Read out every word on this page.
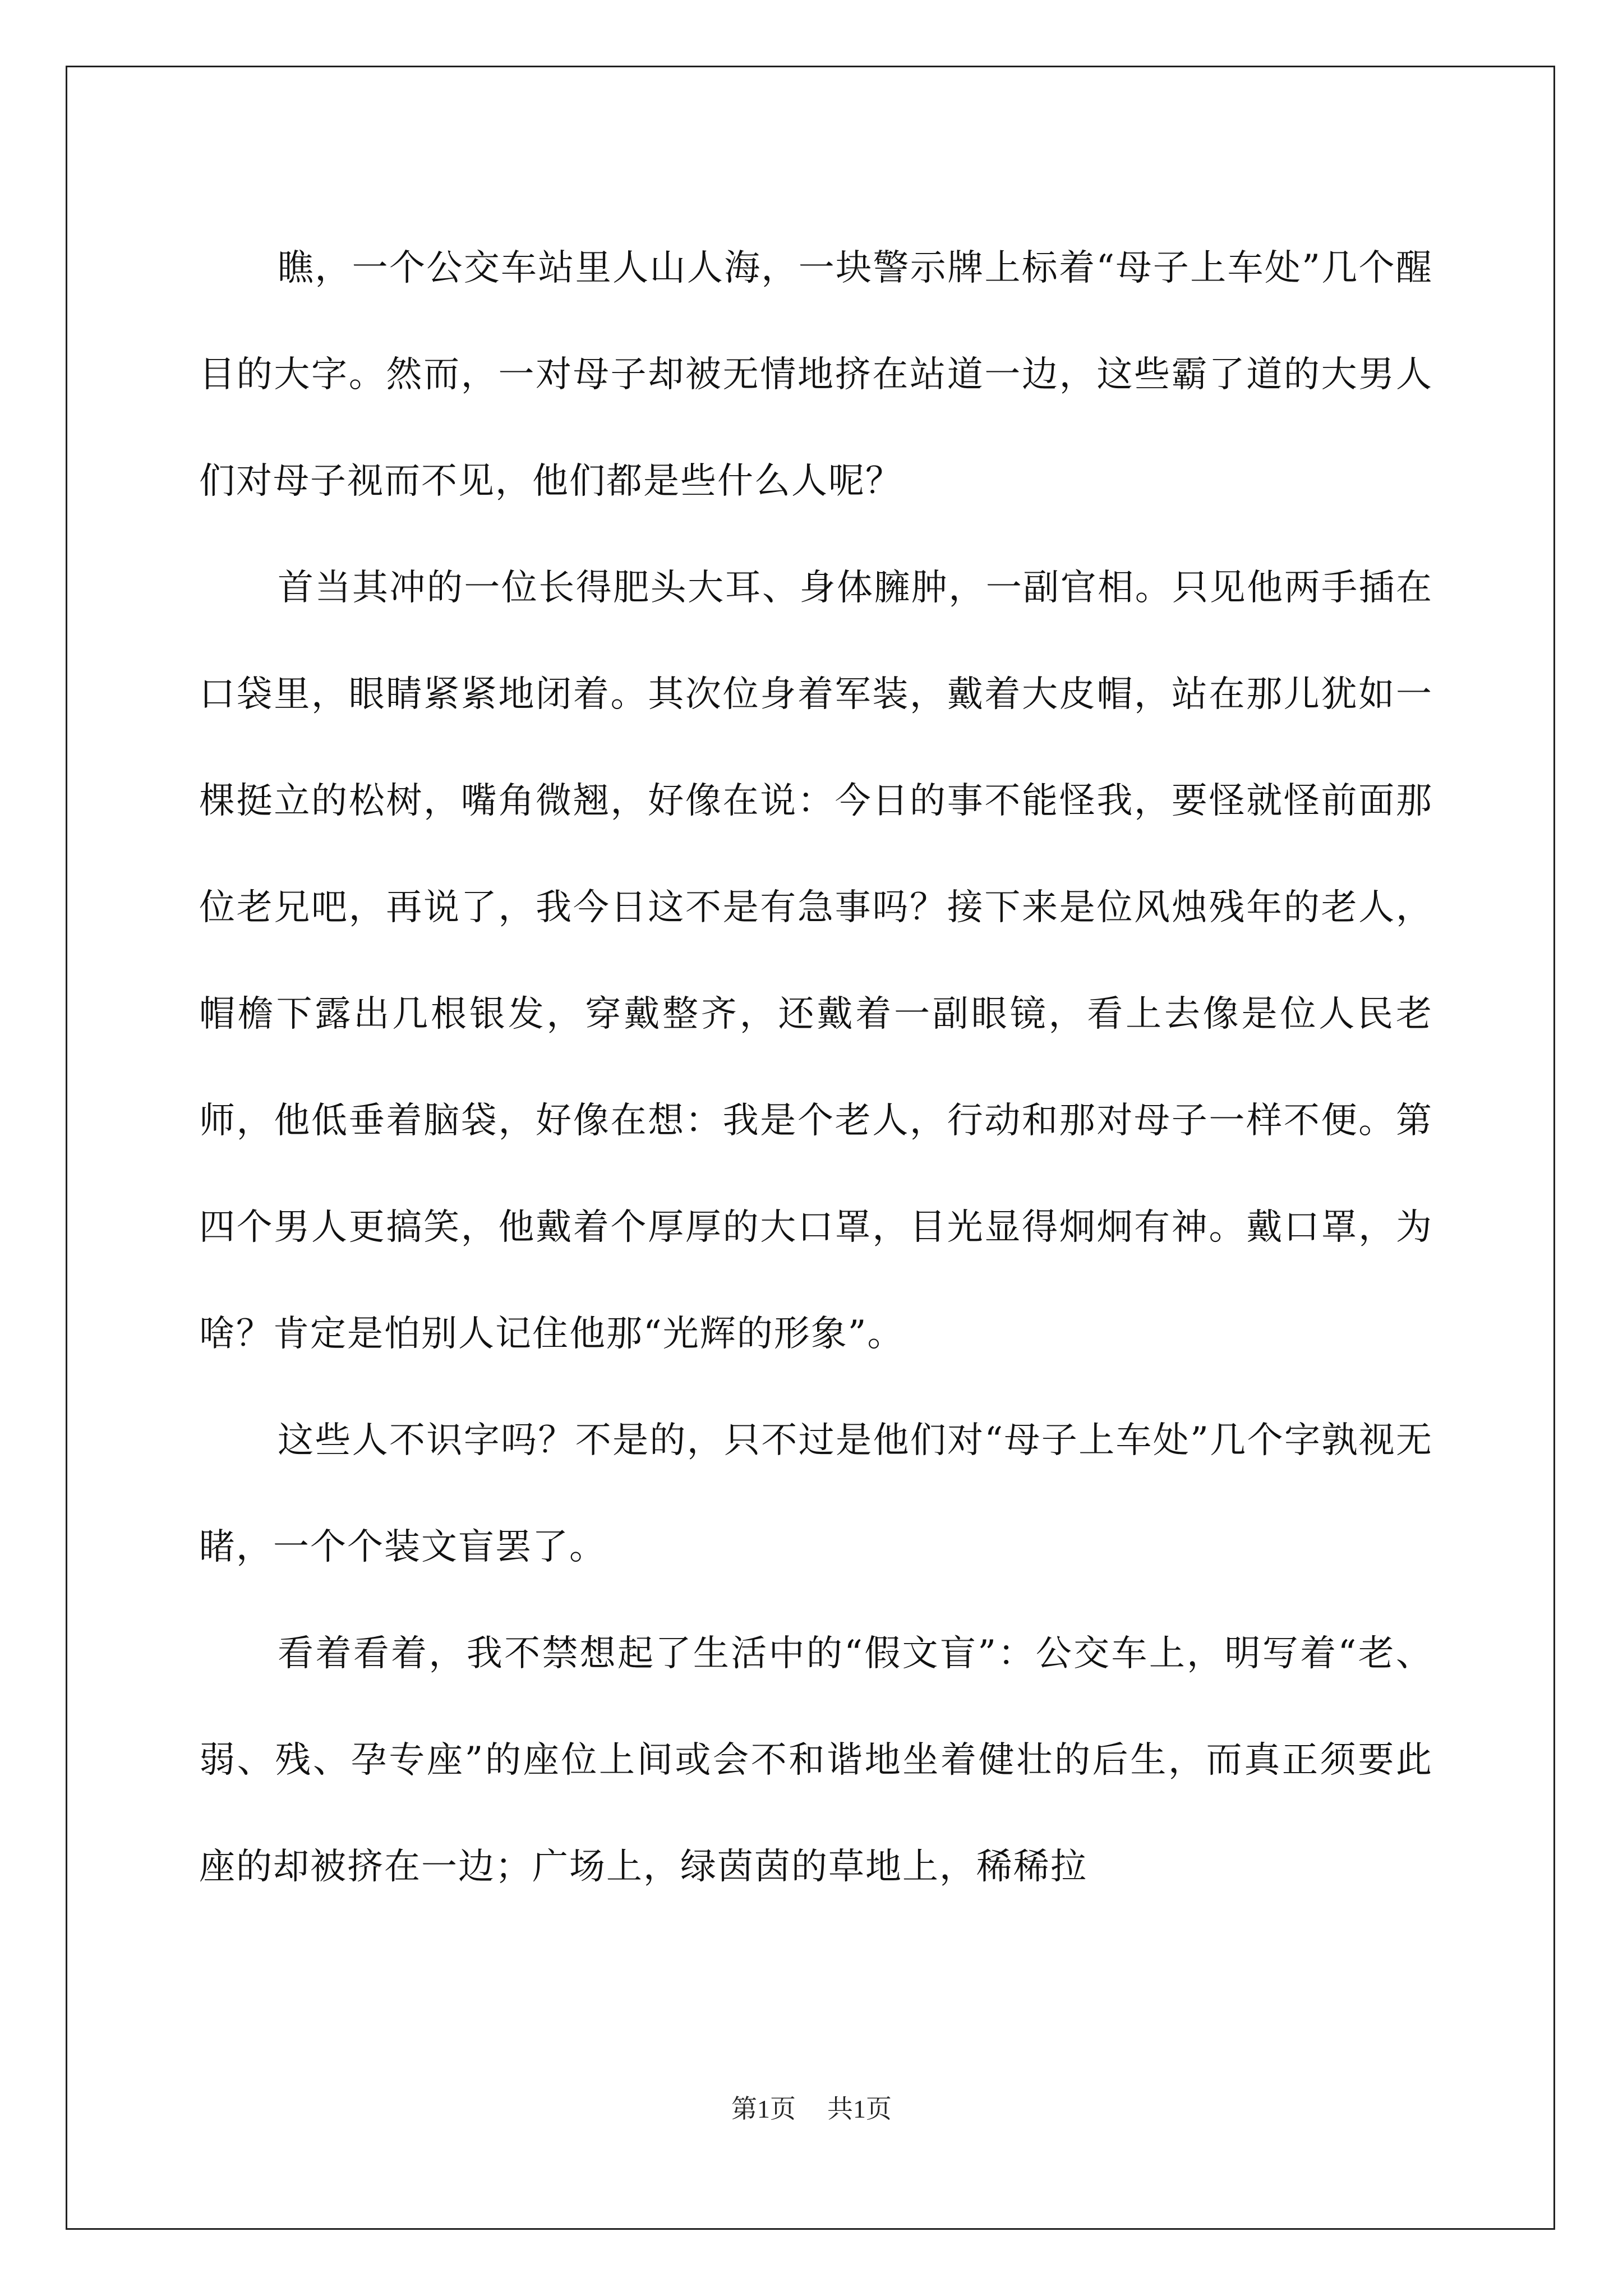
瞧，一个公交车站里人山人海，一块警示牌上标着“母子上车处”几个醒目的大字。然而，一对母子却被无情地挤在站道一边，这些霸了道的大男人们对母子视而不见，他们都是些什么人呢？

首当其冲的一位长得肥头大耳、身体臃肿，一副官相。只见他两手插在口袋里，眼睛紧紧地闭着。其次位身着军装，戴着大皮帽，站在那儿犹如一棵挺立的松树，嘴角微翘，好像在说：今日的事不能怪我，要怪就怪前面那位老兄吧，再说了，我今日这不是有急事吗？接下来是位风烛残年的老人，帽檐下露出几根银发，穿戴整齐，还戴着一副眼镜，看上去像是位人民老师，他低垂着脑袋，好像在想：我是个老人，行动和那对母子一样不便。第四个男人更搞笑，他戴着个厚厚的大口罩，目光显得炯炯有神。戴口罩，为啥？肯定是怕别人记住他那“光辉的形象”。

这些人不识字吗？不是的，只不过是他们对“母子上车处”几个字孰视无睹，一个个装文盲罢了。

看着看着，我不禁想起了生活中的“假文盲”：公交车上，明写着“老、弱、残、孕专座”的座位上间或会不和谐地坐着健壮的后生，而真正须要此座的却被挤在一边；广场上，绿茵茵的草地上，稀稀拉

第1页 共1页
